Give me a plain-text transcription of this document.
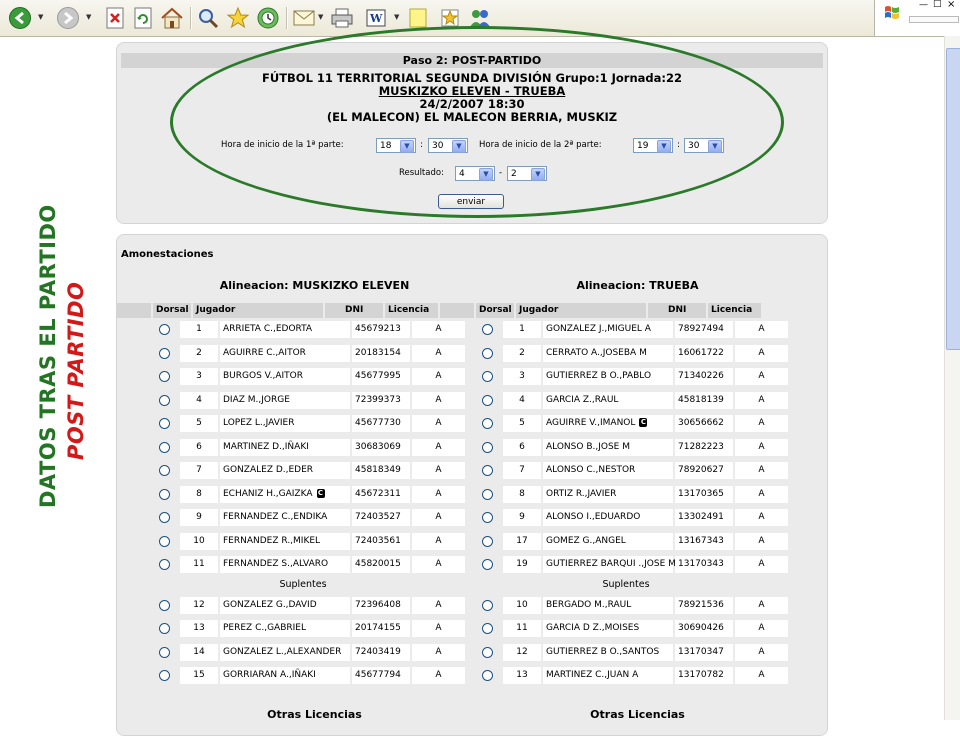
▼	▼	▼	W ▼
— □ ×
DATOS TRAS EL PARTIDO POST PARTIDO
Paso 2: POST-PARTIDO
FÚTBOL 11 TERRITORIAL SEGUNDA DIVISIÓN Grupo:1 Jornada:22
MUSKIZKO ELEVEN - TRUEBA
24/2/2007 18:30
(EL MALECON) EL MALECON BERRIA, MUSKIZ
Hora de inicio de la 1ª parte:	18	▼	:	30	▼	Hora de inicio de la 2ª parte:	19	▼	: 30	▼
Resultado:	4	▼	- 2	▼
enviar
Amonestaciones
Alineacion: MUSKIZKO ELEVEN	Alineacion: TRUEBA
Dorsal Jugador	DNI	Licencia
1	ARRIETA C.,EDORTA	45679213	A
2	AGUIRRE C.,AITOR	20183154	A
3	BURGOS V.,AITOR	45677995	A
4	DIAZ M.,JORGE	72399373	A
5	LOPEZ L.,JAVIER	45677730	A
6	MARTINEZ D.,IÑAKI	30683069	A
7	GONZALEZ D.,EDER	45818349	A
8	ECHANIZ H.,GAIZKA C	45672311	A
9	FERNANDEZ C.,ENDIKA	72403527	A
10	FERNANDEZ R.,MIKEL	72403561	A
11	FERNANDEZ S.,ALVARO	45820015	A
Suplentes
12	GONZALEZ G.,DAVID	72396408	A
13	PEREZ C.,GABRIEL	20174155	A
14	GONZALEZ L.,ALEXANDER 72403419	A
15	GORRIARAN A.,IÑAKI	45677794	A
Dorsal Jugador	DNI	Licencia
1	GONZALEZ J.,MIGUEL A	78927494	A
2	CERRATO A.,JOSEBA M	16061722	A
3	GUTIERREZ B O.,PABLO	71340226	A
4	GARCIA Z.,RAUL	45818139	A
5	AGUIRRE V.,IMANOL C	30656662	A
6	ALONSO B.,JOSE M	71282223	A
7	ALONSO C.,NESTOR	78920627	A
8	ORTIZ R.,JAVIER	13170365	A
9	ALONSO I.,EDUARDO	13302491	A
17	GOMEZ G.,ANGEL	13167343	A
19	GUTIERREZ BARQUI .,JOSE M 13170343	A
Suplentes
10	BERGADO M.,RAUL	78921536	A
11	GARCIA D Z.,MOISES	30690426	A
12	GUTIERREZ B O.,SANTOS 13170347	A
13	MARTINEZ C.,JUAN A	13170782	A
Otras Licencias	Otras Licencias
